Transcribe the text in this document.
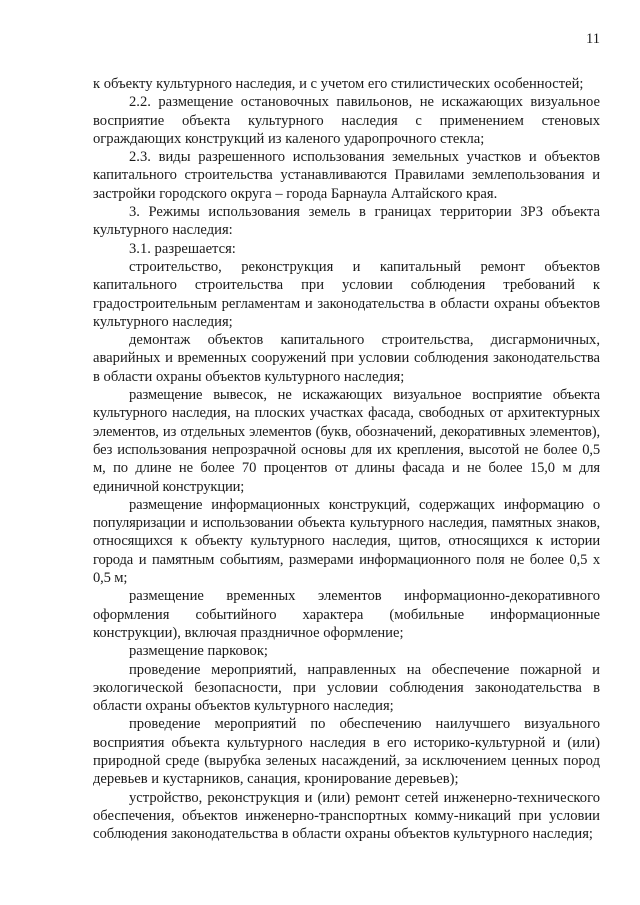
11

к объекту культурного наследия, и с учетом его стилистических особенностей;

2.2. размещение остановочных павильонов, не искажающих визуальное восприятие объекта культурного наследия с применением стеновых ограждающих конструкций из каленого ударопрочного стекла;

2.3. виды разрешенного использования земельных участков и объектов капитального строительства устанавливаются Правилами землепользования и застройки городского округа – города Барнаула Алтайского края.

3. Режимы использования земель в границах территории ЗРЗ объекта культурного наследия:

3.1. разрешается:

строительство, реконструкция и капитальный ремонт объектов капитального строительства при условии соблюдения требований к градостроительным регламентам и законодательства в области охраны объектов культурного наследия;

демонтаж объектов капитального строительства, дисгармоничных, аварийных и временных сооружений при условии соблюдения законодательства в области охраны объектов культурного наследия;

размещение вывесок, не искажающих визуальное восприятие объекта культурного наследия, на плоских участках фасада, свободных от архитектурных элементов, из отдельных элементов (букв, обозначений, декоративных элементов), без использования непрозрачной основы для их крепления, высотой не более 0,5 м, по длине не более 70 процентов от длины фасада и не более 15,0 м для единичной конструкции;

размещение информационных конструкций, содержащих информацию о популяризации и использовании объекта культурного наследия, памятных знаков, относящихся к объекту культурного наследия, щитов, относящихся к истории города и памятным событиям, размерами информационного поля не более 0,5 х 0,5 м;

размещение временных элементов информационно-декоративного оформления событийного характера (мобильные информационные конструкции), включая праздничное оформление;

размещение парковок;

проведение мероприятий, направленных на обеспечение пожарной и экологической безопасности, при условии соблюдения законодательства в области охраны объектов культурного наследия;

проведение мероприятий по обеспечению наилучшего визуального восприятия объекта культурного наследия в его историко-культурной и (или) природной среде (вырубка зеленых насаждений, за исключением ценных пород деревьев и кустарников, санация, кронирование деревьев);

устройство, реконструкция и (или) ремонт сетей инженерно-технического обеспечения, объектов инженерно-транспортных комму-никаций при условии соблюдения законодательства в области охраны объектов культурного наследия;
